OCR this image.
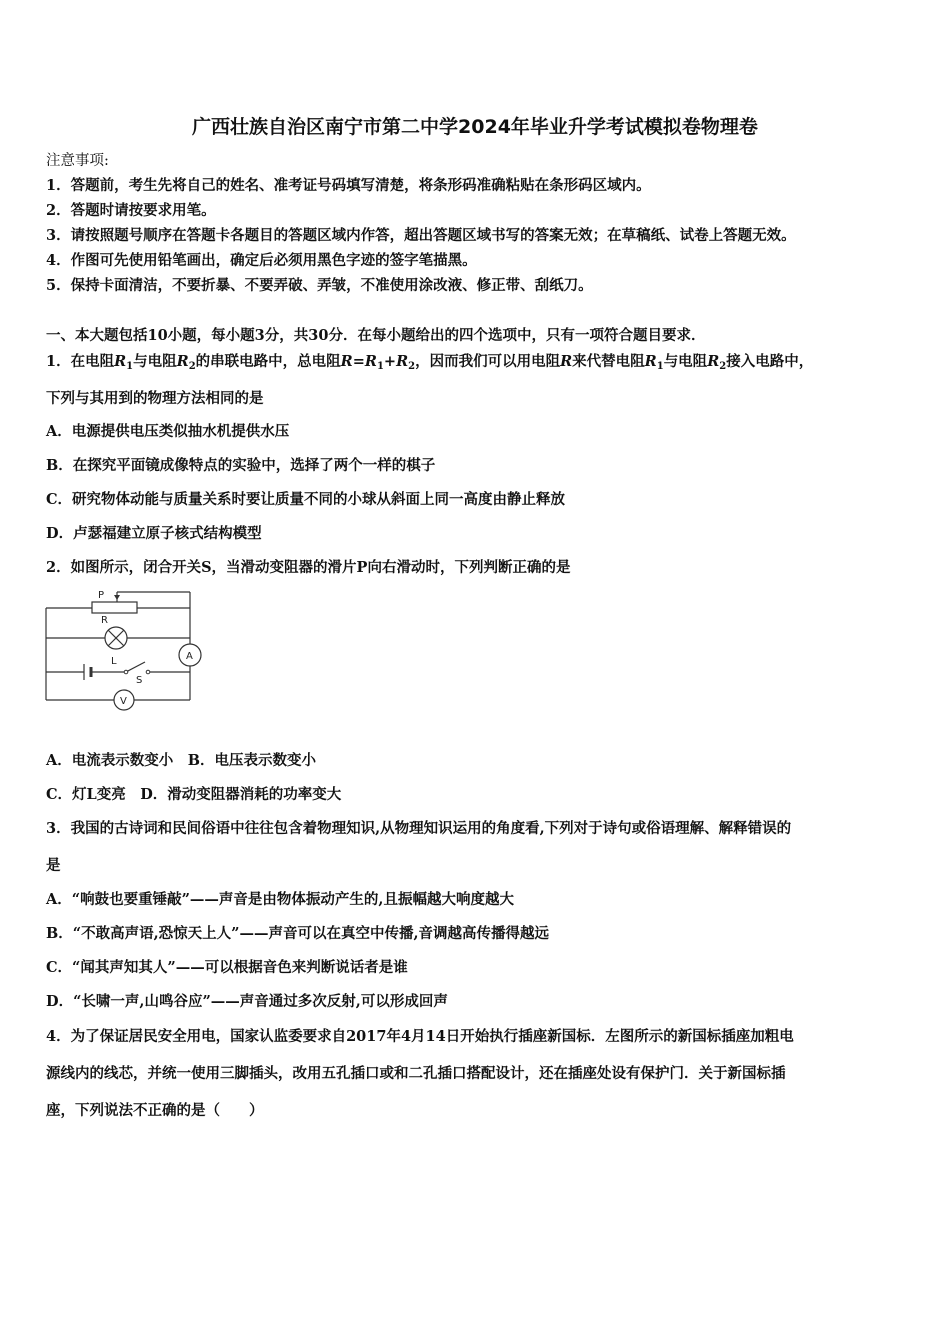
广西壮族自治区南宁市第二中学2024年毕业升学考试模拟卷物理卷
注意事项:
1．答题前，考生先将自己的姓名、准考证号码填写清楚，将条形码准确粘贴在条形码区域内。
2．答题时请按要求用笔。
3．请按照题号顺序在答题卡各题目的答题区域内作答，超出答题区域书写的答案无效；在草稿纸、试卷上答题无效。
4．作图可先使用铅笔画出，确定后必须用黑色字迹的签字笔描黑。
5．保持卡面清洁，不要折暴、不要弄破、弄皱，不准使用涂改液、修正带、刮纸刀。
一、本大题包括10小题，每小题3分，共30分．在每小题给出的四个选项中，只有一项符合题目要求．
1．在电阻$R_1$与电阻$R_2$的串联电路中，总电阻$R=R_1+R_2$，因而我们可以用电阻R来代替电阻$R_1$与电阻$R_2$接入电路中，
下列与其用到的物理方法相同的是
A．电源提供电压类似抽水机提供水压
B．在探究平面镜成像特点的实验中，选择了两个一样的棋子
C．研究物体动能与质量关系时要让质量不同的小球从斜面上同一高度由静止释放
D．卢瑟福建立原子核式结构模型
2．如图所示，闭合开关S，当滑动变阻器的滑片P向右滑动时，下列判断正确的是
P
R
L
S
A
V
A．电流表示数变小　B．电压表示数变小
C．灯L变亮　D．滑动变阻器消耗的功率变大
3．我国的古诗词和民间俗语中往往包含着物理知识,从物理知识运用的角度看,下列对于诗句或俗语理解、解释错误的
是
A．“响鼓也要重锤敲”——声音是由物体振动产生的,且振幅越大响度越大
B．“不敢高声语,恐惊天上人”——声音可以在真空中传播,音调越高传播得越远
C．“闻其声知其人”——可以根据音色来判断说话者是谁
D．“长啸一声,山鸣谷应”——声音通过多次反射,可以形成回声
4．为了保证居民安全用电，国家认监委要求自2017年4月14日开始执行插座新国标．左图所示的新国标插座加粗电
源线内的线芯，并统一使用三脚插头，改用五孔插口或和二孔插口搭配设计，还在插座处设有保护门．关于新国标插
座，下列说法不正确的是（　　）
